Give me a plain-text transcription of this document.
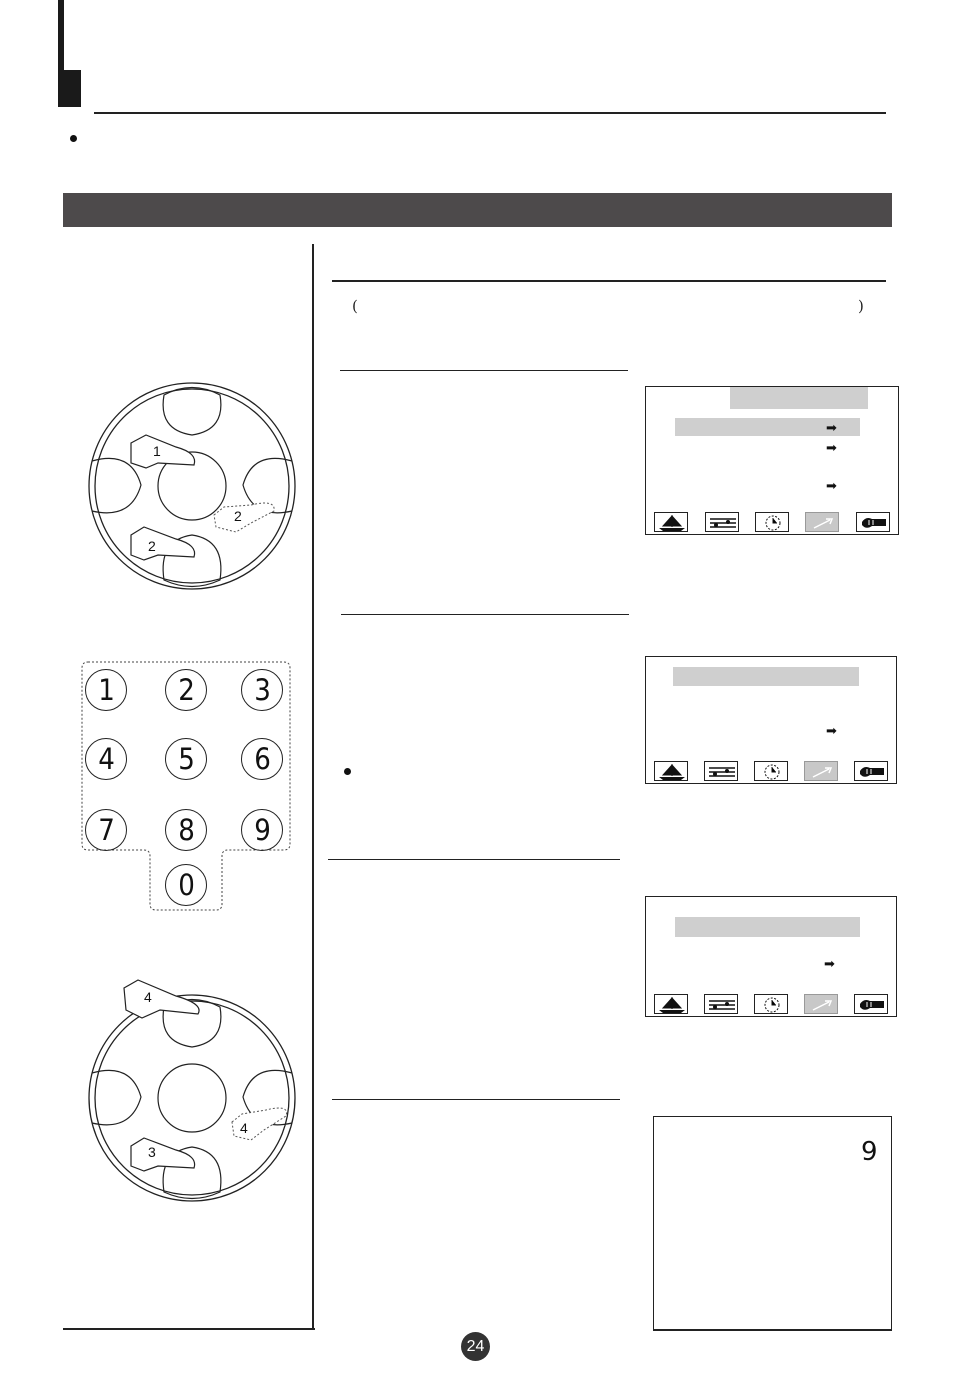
(	)
1
2
2
1	2	3
4	5	6
7	8	9
0
4
4
3
➡
➡
➡
➡
➡
9
24
